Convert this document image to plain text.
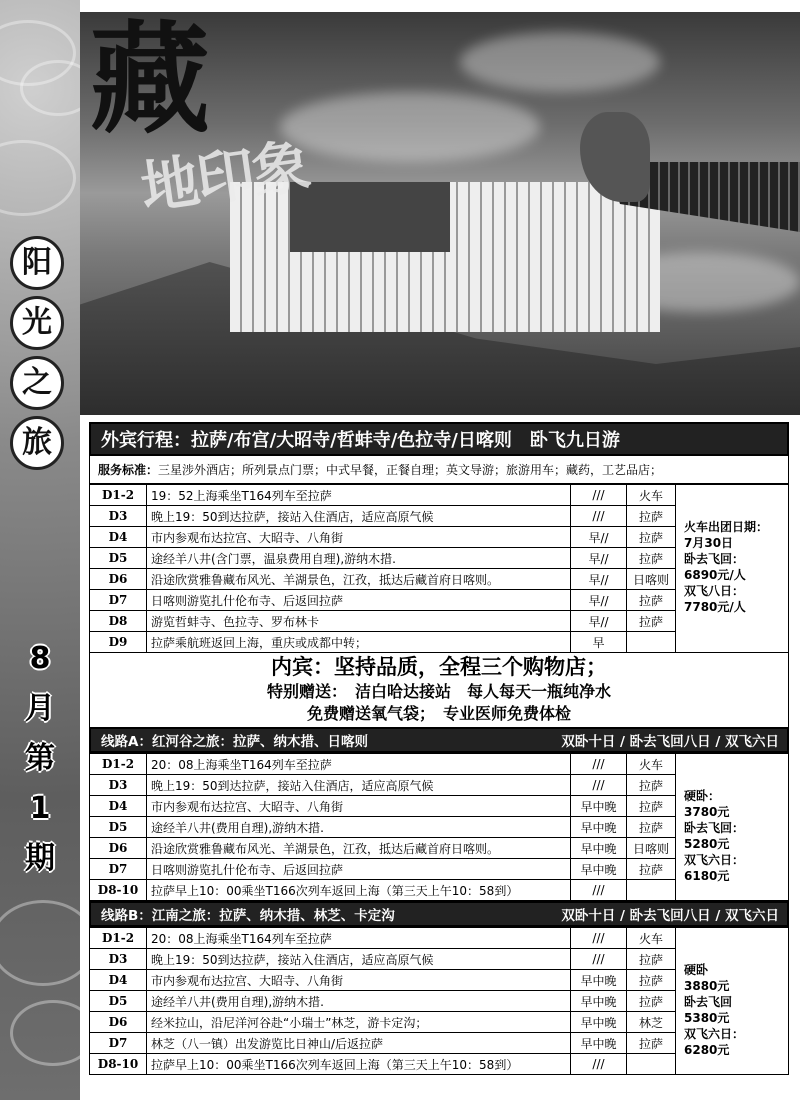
阳
光
之
旅
8
月
第
1
期
藏
地印象
外宾行程：拉萨/布宫/大昭寺/哲蚌寺/色拉寺/日喀则　卧飞九日游
服务标准：三星涉外酒店；所列景点门票；中式早餐，正餐自理；英文导游；旅游用车；藏药，工艺品店；
D1-2	19：52上海乘坐T164列车至拉萨	///	火车
D3	晚上19：50到达拉萨，接站入住酒店，适应高原气候	///	拉萨
D4	市内参观布达拉宫、大昭寺、八角街	早//	拉萨
D5	途经羊八井(含门票，温泉费用自理),游纳木措.	早//	拉萨
D6	沿途欣赏雅鲁藏布风光、羊湖景色，江孜，抵达后藏首府日喀则。	早//	日喀则
D7	日喀则游览扎什伦布寺、后返回拉萨	早//	拉萨
D8	游览哲蚌寺、色拉寺、罗布林卡	早//	拉萨
D9	拉萨乘航班返回上海，重庆或成都中转；	早	
火车出团日期：
7月30日
卧去飞回：
6890元/人
双飞八日：
7780元/人
内宾：坚持品质，全程三个购物店；
特别赠送：　洁白哈达接站　每人每天一瓶纯净水
免费赠送氧气袋；　专业医师免费体检
线路A：红河谷之旅：拉萨、纳木措、日喀则	双卧十日 / 卧去飞回八日 / 双飞六日
D1-2	20：08上海乘坐T164列车至拉萨	///	火车
D3	晚上19：50到达拉萨，接站入住酒店，适应高原气候	///	拉萨
D4	市内参观布达拉宫、大昭寺、八角街	早中晚	拉萨
D5	途经羊八井(费用自理),游纳木措.	早中晚	拉萨
D6	沿途欣赏雅鲁藏布风光、羊湖景色，江孜，抵达后藏首府日喀则。	早中晚	日喀则
D7	日喀则游览扎什伦布寺、后返回拉萨	早中晚	拉萨
D8-10	拉萨早上10：00乘坐T166次列车返回上海（第三天上午10：58到）	///	
硬卧：
3780元
卧去飞回：
5280元
双飞六日：
6180元
线路B：江南之旅：拉萨、纳木措、林芝、卡定沟	双卧十日 / 卧去飞回八日 / 双飞六日
D1-2	20：08上海乘坐T164列车至拉萨	///	火车
D3	晚上19：50到达拉萨，接站入住酒店，适应高原气候	///	拉萨
D4	市内参观布达拉宫、大昭寺、八角街	早中晚	拉萨
D5	途经羊八井(费用自理),游纳木措.	早中晚	拉萨
D6	经米拉山，沿尼洋河谷赴“小瑞士”林芝，游卡定沟；	早中晚	林芝
D7	林芝（八一镇）出发游览比日神山/后返拉萨	早中晚	拉萨
D8-10	拉萨早上10：00乘坐T166次列车返回上海（第三天上午10：58到）	///	
硬卧
3880元
卧去飞回
5380元
双飞六日：
6280元
